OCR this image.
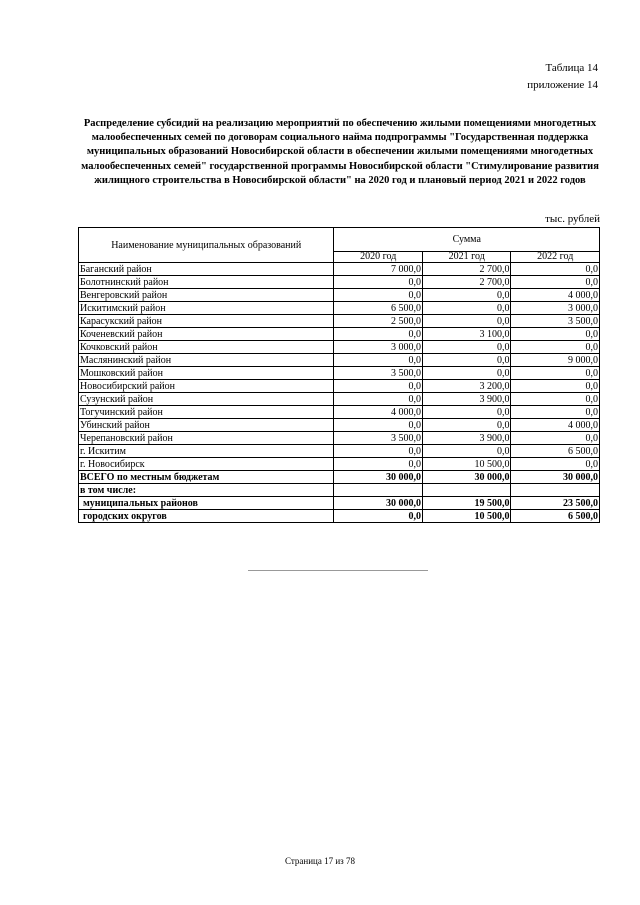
Таблица 14
приложение 14
Распределение субсидий на реализацию мероприятий по обеспечению жилыми помещениями многодетных малообеспеченных семей по договорам социального найма подпрограммы "Государственная поддержка муниципальных образований Новосибирской области в обеспечении жилыми помещениями многодетных малообеспеченных семей" государственной программы Новосибирской области "Стимулирование развития жилищного строительства в Новосибирской области" на 2020 год и плановый период 2021 и 2022 годов
тыс. рублей
Наименование муниципальных образований	Сумма		
	2020 год	2021 год	2022 год
Баганский район	7 000,0	2 700,0	0,0
Болотнинский район	0,0	2 700,0	0,0
Венгеровский район	0,0	0,0	4 000,0
Искитимский район	6 500,0	0,0	3 000,0
Карасукский район	2 500,0	0,0	3 500,0
Коченевский район	0,0	3 100,0	0,0
Кочковский район	3 000,0	0,0	0,0
Маслянинский район	0,0	0,0	9 000,0
Мошковский район	3 500,0	0,0	0,0
Новосибирский район	0,0	3 200,0	0,0
Сузунский район	0,0	3 900,0	0,0
Тогучинский район	4 000,0	0,0	0,0
Убинский район	0,0	0,0	4 000,0
Черепановский район	3 500,0	3 900,0	0,0
г. Искитим	0,0	0,0	6 500,0
г. Новосибирск	0,0	10 500,0	0,0
ВСЕГО по местным бюджетам	30 000,0	30 000,0	30 000,0
в том числе:			
муниципальных районов	30 000,0	19 500,0	23 500,0
городских округов	0,0	10 500,0	6 500,0
Страница 17 из 78
